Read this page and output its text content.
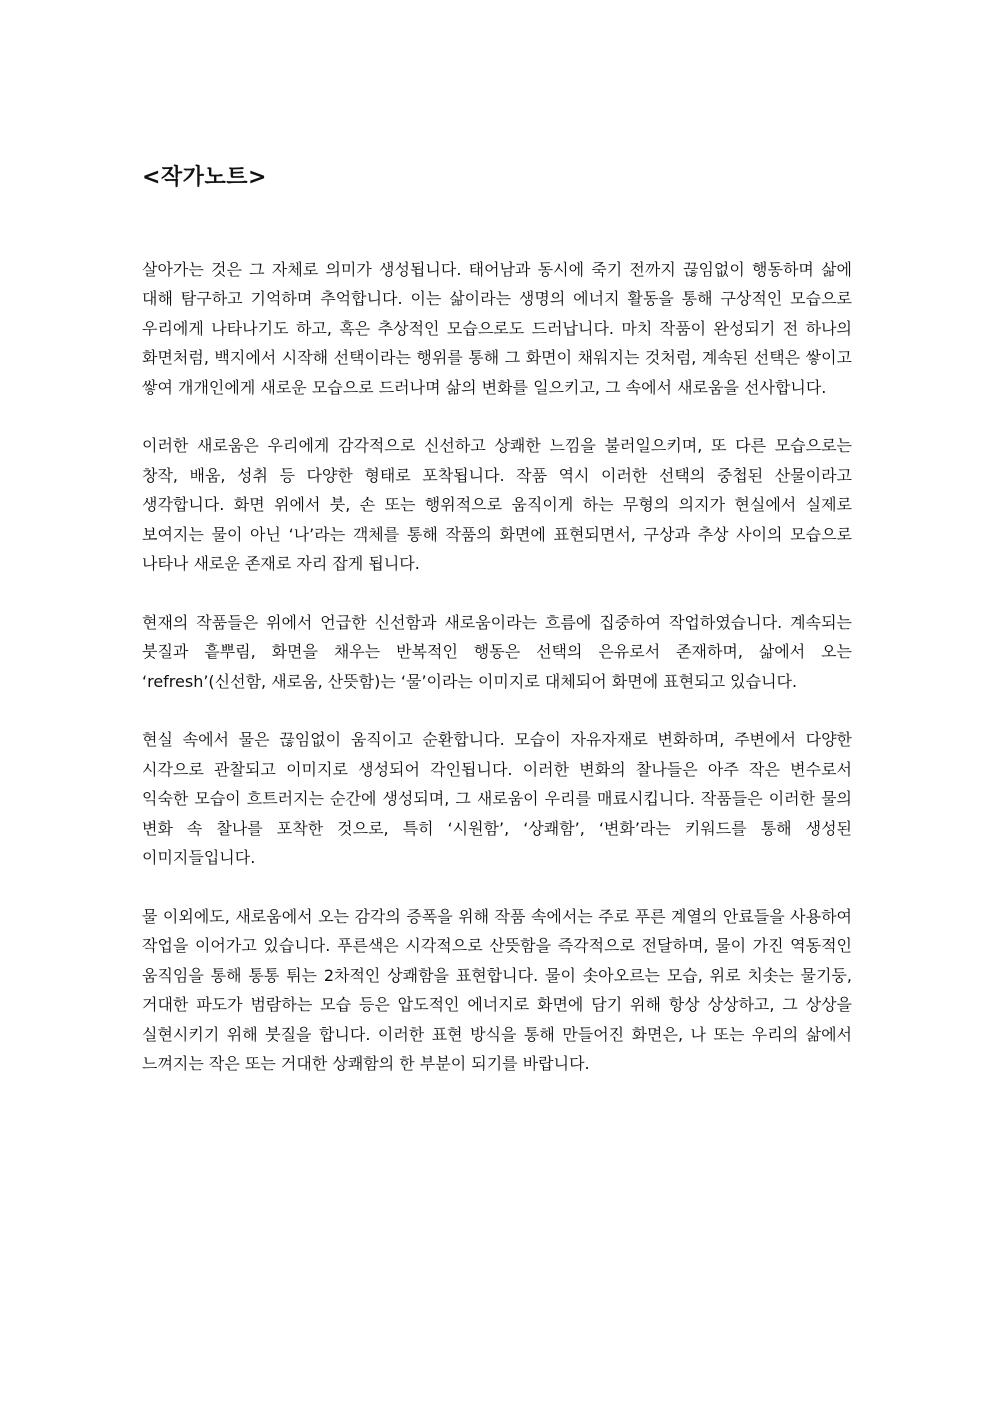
<작가노트>

살아가는 것은 그 자체로 의미가 생성됩니다. 태어남과 동시에 죽기 전까지 끊임없이 행동하며 삶에 대해 탐구하고 기억하며 추억합니다. 이는 삶이라는 생명의 에너지 활동을 통해 구상적인 모습으로 우리에게 나타나기도 하고, 혹은 추상적인 모습으로도 드러납니다. 마치 작품이 완성되기 전 하나의 화면처럼, 백지에서 시작해 선택이라는 행위를 통해 그 화면이 채워지는 것처럼, 계속된 선택은 쌓이고 쌓여 개개인에게 새로운 모습으로 드러나며 삶의 변화를 일으키고, 그 속에서 새로움을 선사합니다.

이러한 새로움은 우리에게 감각적으로 신선하고 상쾌한 느낌을 불러일으키며, 또 다른 모습으로는 창작, 배움, 성취 등 다양한 형태로 포착됩니다. 작품 역시 이러한 선택의 중첩된 산물이라고 생각합니다. 화면 위에서 붓, 손 또는 행위적으로 움직이게 하는 무형의 의지가 현실에서 실제로 보여지는 물이 아닌 ‘나’라는 객체를 통해 작품의 화면에 표현되면서, 구상과 추상 사이의 모습으로 나타나 새로운 존재로 자리 잡게 됩니다.

현재의 작품들은 위에서 언급한 신선함과 새로움이라는 흐름에 집중하여 작업하였습니다. 계속되는 붓질과 흩뿌림, 화면을 채우는 반복적인 행동은 선택의 은유로서 존재하며, 삶에서 오는 ‘refresh’(신선함, 새로움, 산뜻함)는 ‘물’이라는 이미지로 대체되어 화면에 표현되고 있습니다.

현실 속에서 물은 끊임없이 움직이고 순환합니다. 모습이 자유자재로 변화하며, 주변에서 다양한 시각으로 관찰되고 이미지로 생성되어 각인됩니다. 이러한 변화의 찰나들은 아주 작은 변수로서 익숙한 모습이 흐트러지는 순간에 생성되며, 그 새로움이 우리를 매료시킵니다. 작품들은 이러한 물의 변화 속 찰나를 포착한 것으로, 특히 ‘시원함’, ‘상쾌함’, ‘변화’라는 키워드를 통해 생성된 이미지들입니다.

물 이외에도, 새로움에서 오는 감각의 증폭을 위해 작품 속에서는 주로 푸른 계열의 안료들을 사용하여 작업을 이어가고 있습니다. 푸른색은 시각적으로 산뜻함을 즉각적으로 전달하며, 물이 가진 역동적인 움직임을 통해 통통 튀는 2차적인 상쾌함을 표현합니다. 물이 솟아오르는 모습, 위로 치솟는 물기둥, 거대한 파도가 범람하는 모습 등은 압도적인 에너지로 화면에 담기 위해 항상 상상하고, 그 상상을 실현시키기 위해 붓질을 합니다. 이러한 표현 방식을 통해 만들어진 화면은, 나 또는 우리의 삶에서 느껴지는 작은 또는 거대한 상쾌함의 한 부분이 되기를 바랍니다.
